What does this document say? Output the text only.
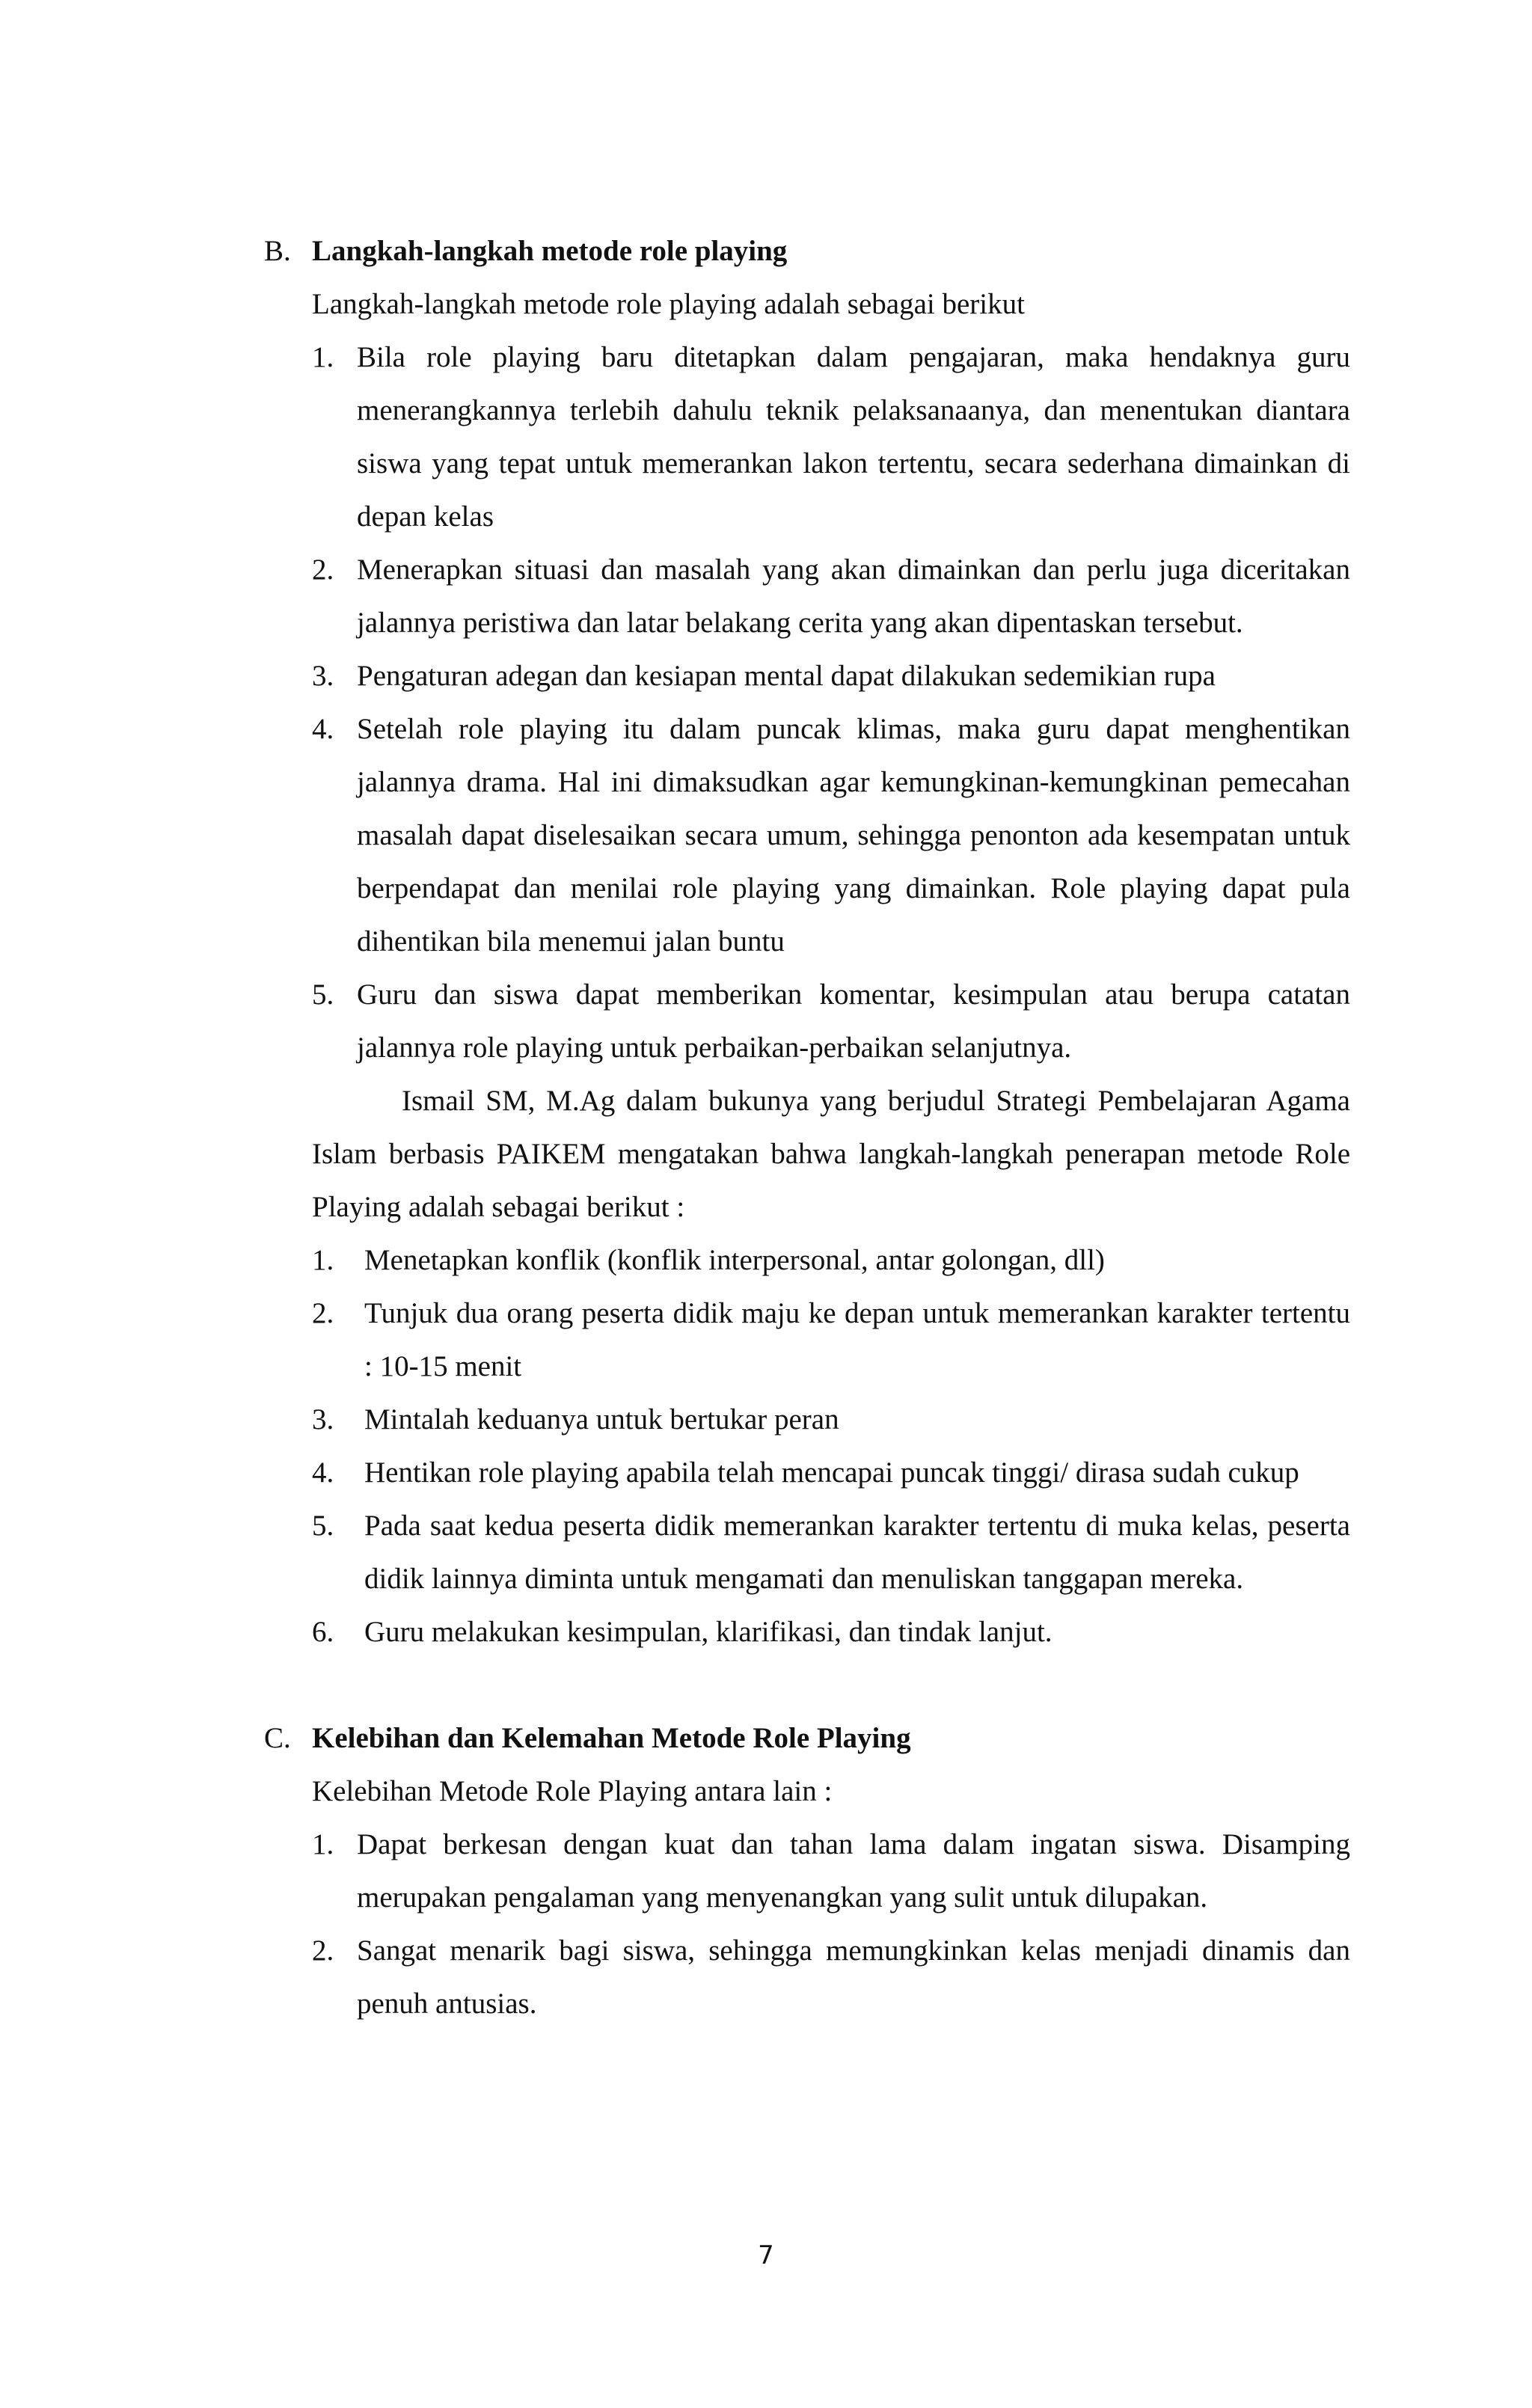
B. Langkah-langkah metode role playing
Langkah-langkah metode role playing adalah sebagai berikut
1. Bila role playing baru ditetapkan dalam pengajaran, maka hendaknya guru menerangkannya terlebih dahulu teknik pelaksanaanya, dan menentukan diantara siswa yang tepat untuk memerankan lakon tertentu, secara sederhana dimainkan di depan kelas
2. Menerapkan situasi dan masalah yang akan dimainkan dan perlu juga diceritakan jalannya peristiwa dan latar belakang cerita yang akan dipentaskan tersebut.
3. Pengaturan adegan dan kesiapan mental dapat dilakukan sedemikian rupa
4. Setelah role playing itu dalam puncak klimas, maka guru dapat menghentikan jalannya drama. Hal ini dimaksudkan agar kemungkinan-kemungkinan pemecahan masalah dapat diselesaikan secara umum, sehingga penonton ada kesempatan untuk berpendapat dan menilai role playing yang dimainkan. Role playing dapat pula dihentikan bila menemui jalan buntu
5. Guru dan siswa dapat memberikan komentar, kesimpulan atau berupa catatan jalannya role playing untuk perbaikan-perbaikan selanjutnya.
Ismail SM, M.Ag dalam bukunya yang berjudul Strategi Pembelajaran Agama Islam berbasis PAIKEM mengatakan bahwa langkah-langkah penerapan metode Role Playing adalah sebagai berikut :
1. Menetapkan konflik (konflik interpersonal, antar golongan, dll)
2. Tunjuk dua orang peserta didik maju ke depan untuk memerankan karakter tertentu : 10-15 menit
3. Mintalah keduanya untuk bertukar peran
4. Hentikan role playing apabila telah mencapai puncak tinggi/ dirasa sudah cukup
5. Pada saat kedua peserta didik memerankan karakter tertentu di muka kelas, peserta didik lainnya diminta untuk mengamati dan menuliskan tanggapan mereka.
6. Guru melakukan kesimpulan, klarifikasi, dan tindak lanjut.
C. Kelebihan dan Kelemahan Metode Role Playing
Kelebihan Metode Role Playing antara lain :
1. Dapat berkesan dengan kuat dan tahan lama dalam ingatan siswa. Disamping merupakan pengalaman yang menyenangkan yang sulit untuk dilupakan.
2. Sangat menarik bagi siswa, sehingga memungkinkan kelas menjadi dinamis dan penuh antusias.
7
